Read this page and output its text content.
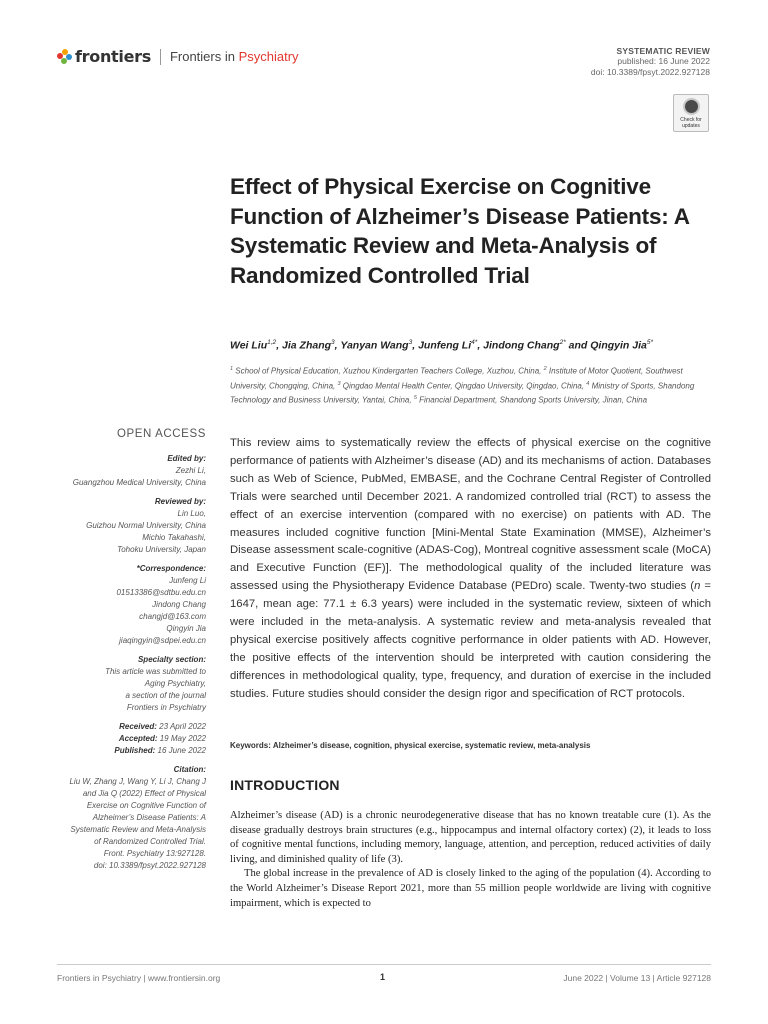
frontiers Frontiers in Psychiatry	SYSTEMATIC REVIEW
published: 16 June 2022
doi: 10.3389/fpsyt.2022.927128
Check for
updates
Effect of Physical Exercise on Cognitive Function of Alzheimer’s Disease Patients: A Systematic Review and Meta-Analysis of Randomized Controlled Trial
Wei Liu$^{1,2}$, Jia Zhang$^3$, Yanyan Wang$^3$, Junfeng $Li^{4*}$, Jindong Chang$^{2*}$ and Qingyin Jia$^{5*}$
$^1$ School of Physical Education, Xuzhou Kindergarten Teachers College, Xuzhou, China, $^2$ Institute of Motor Quotient, Southwest University, Chongqing, China, $^3$ Qingdao Mental Health Center, Qingdao University, Qingdao, China, $^4$ Ministry of Sports, Shandong Technology and Business University, Yantai, China, $^5$ Financial Department, Shandong Sports University, Jinan, China
OPEN ACCESS
Edited by:
Zezhi Li,
Guangzhou Medical University, China
Reviewed by:
Lin Luo,
Guizhou Normal University, China
Michio Takahashi,
Tohoku University, Japan
*Correspondence:
Junfeng Li
01513386@sdtbu.edu.cn
Jindong Chang
changjd@163.com
Qingyin Jia
jiaqingyin@sdpei.edu.cn
Specialty section:
This article was submitted to
Aging Psychiatry,
a section of the journal
Frontiers in Psychiatry
Received: 23 April 2022
Accepted: 19 May 2022
Published: 16 June 2022
Citation:
Liu W, Zhang J, Wang Y, Li J, Chang J
and Jia Q (2022) Effect of Physical
Exercise on Cognitive Function of
Alzheimer’s Disease Patients: A
Systematic Review and Meta-Analysis
of Randomized Controlled Trial.
Front. Psychiatry 13:927128.
doi: 10.3389/fpsyt.2022.927128
This review aims to systematically review the effects of physical exercise on the cognitive performance of patients with Alzheimer’s disease (AD) and its mechanisms of action. Databases such as Web of Science, PubMed, EMBASE, and the Cochrane Central Register of Controlled Trials were searched until December 2021. A randomized controlled trial (RCT) to assess the effect of an exercise intervention (compared with no exercise) on patients with AD. The measures included cognitive function [Mini-Mental State Examination (MMSE), Alzheimer’s Disease assessment scale-cognitive (ADAS-Cog), Montreal cognitive assessment scale (MoCA) and Executive Function (EF)]. The methodological quality of the included literature was assessed using the Physiotherapy Evidence Database (PEDro) scale. Twenty-two studies (n = 1647, mean age: 77.1 ± 6.3 years) were included in the systematic review, sixteen of which were included in the meta-analysis. A systematic review and meta-analysis revealed that physical exercise positively affects cognitive performance in older patients with AD. However, the positive effects of the intervention should be interpreted with caution considering the differences in methodological quality, type, frequency, and duration of exercise in the included studies. Future studies should consider the design rigor and specification of RCT protocols.
Keywords: Alzheimer’s disease, cognition, physical exercise, systematic review, meta-analysis
INTRODUCTION

Alzheimer’s disease (AD) is a chronic neurodegenerative disease that has no known treatable cure (1). As the disease gradually destroys brain structures (e.g., hippocampus and internal olfactory cortex) (2), it leads to loss of cognitive mental functions, including memory, language, attention, and perception, reduced activities of daily living, and diminished quality of life (3).

The global increase in the prevalence of AD is closely linked to the aging of the population (4). According to the World Alzheimer’s Disease Report 2021, more than 55 million people worldwide are living with cognitive impairment, which is expected to

Frontiers in Psychiatry | www.frontiersin.org	1	June 2022 | Volume 13 | Article 927128
